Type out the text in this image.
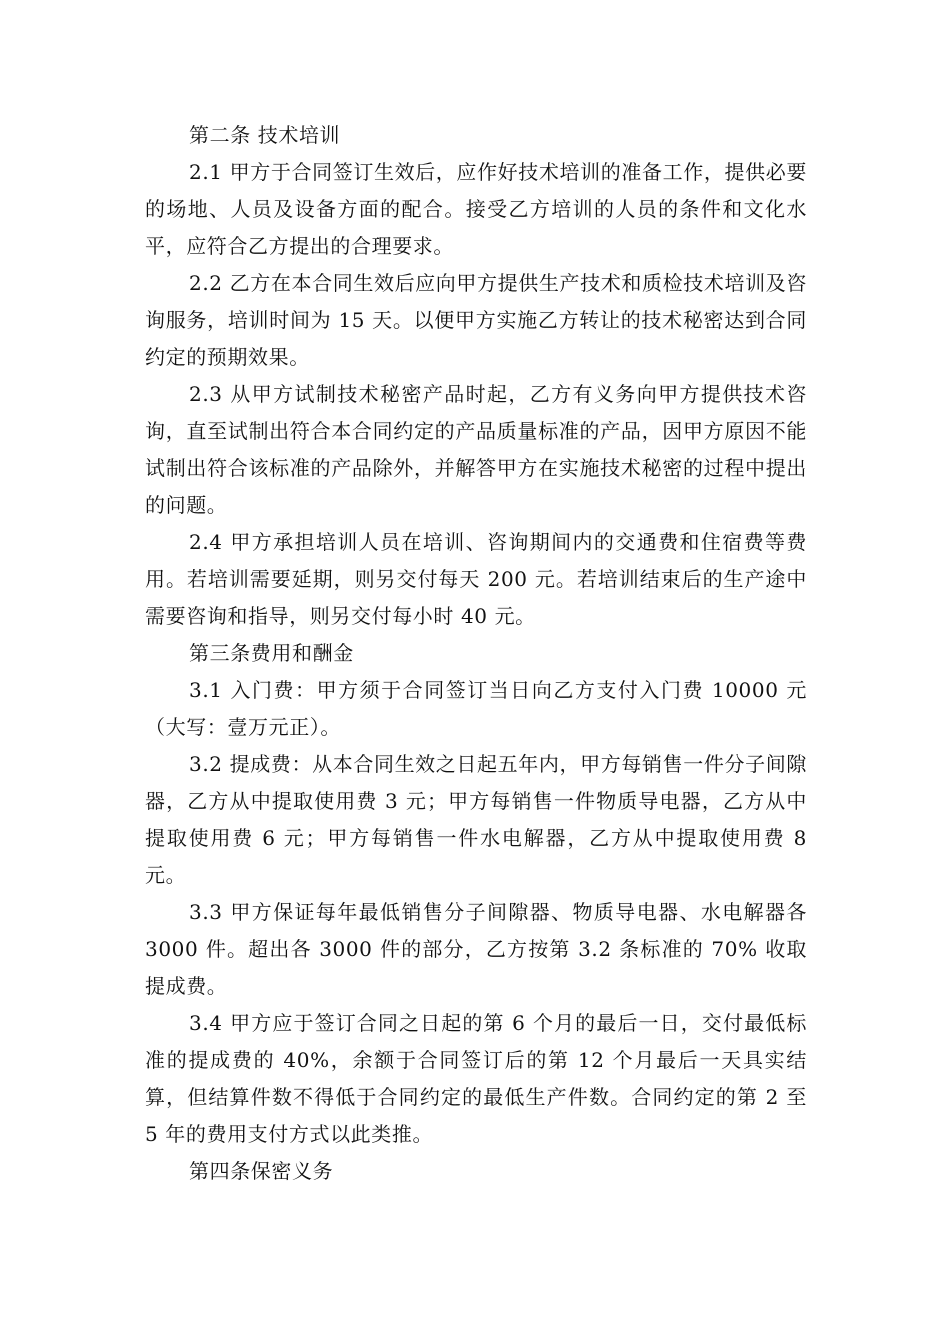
第二条 技术培训

2.1 甲方于合同签订生效后，应作好技术培训的准备工作，提供必要的场地、人员及设备方面的配合。接受乙方培训的人员的条件和文化水平，应符合乙方提出的合理要求。

2.2 乙方在本合同生效后应向甲方提供生产技术和质检技术培训及咨询服务，培训时间为 15 天。以便甲方实施乙方转让的技术秘密达到合同约定的预期效果。

2.3 从甲方试制技术秘密产品时起，乙方有义务向甲方提供技术咨询，直至试制出符合本合同约定的产品质量标准的产品，因甲方原因不能试制出符合该标准的产品除外，并解答甲方在实施技术秘密的过程中提出的问题。

2.4 甲方承担培训人员在培训、咨询期间内的交通费和住宿费等费用。若培训需要延期，则另交付每天 200 元。若培训结束后的生产途中需要咨询和指导，则另交付每小时 40 元。

第三条费用和酬金

3.1 入门费：甲方须于合同签订当日向乙方支付入门费 10000 元（大写：壹万元正）。

3.2 提成费：从本合同生效之日起五年内，甲方每销售一件分子间隙器，乙方从中提取使用费 3 元；甲方每销售一件物质导电器，乙方从中提取使用费 6 元；甲方每销售一件水电解器，乙方从中提取使用费 8 元。

3.3 甲方保证每年最低销售分子间隙器、物质导电器、水电解器各 3000 件。超出各 3000 件的部分，乙方按第 3.2 条标准的 70% 收取提成费。

3.4 甲方应于签订合同之日起的第 6 个月的最后一日，交付最低标准的提成费的 40%，余额于合同签订后的第 12 个月最后一天具实结算，但结算件数不得低于合同约定的最低生产件数。合同约定的第 2 至 5 年的费用支付方式以此类推。

第四条保密义务
